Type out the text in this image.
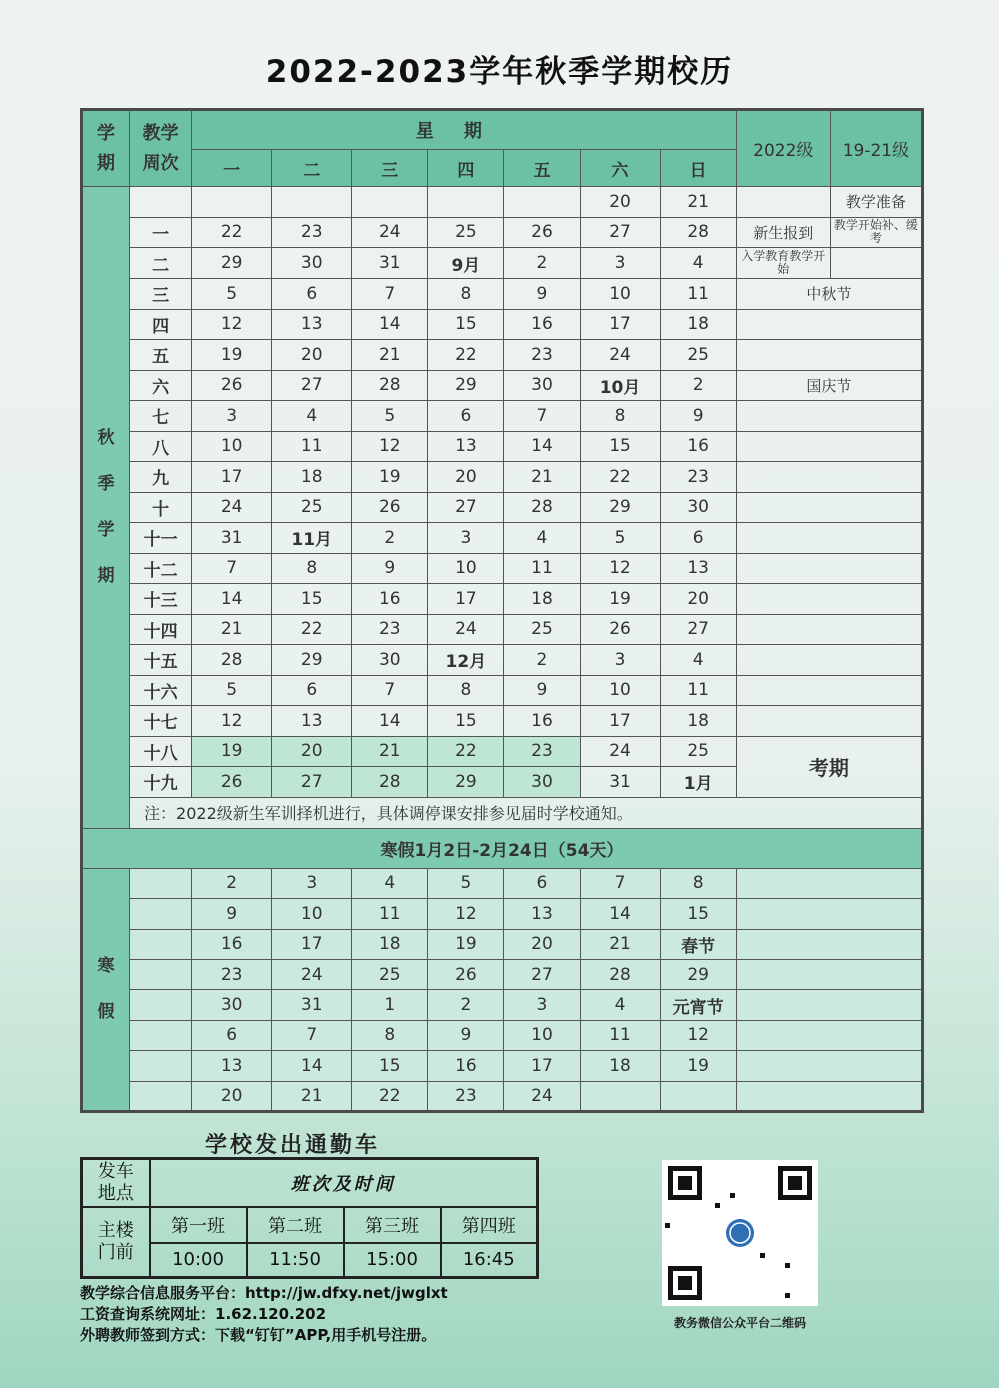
2022-2023学年秋季学期校历
学期	教学周次	星期							2022级	19-21级
		一	二	三	四	五	六	日		
秋季学期							20	21		教学准备
	一	22	23	24	25	26	27	28	新生报到	教学开始补、缓考
	二	29	30	31	9月	2	3	4	入学教育教学开始	
	三	5	6	7	8	9	10	11	中秋节	
	四	12	13	14	15	16	17	18		
	五	19	20	21	22	23	24	25		
	六	26	27	28	29	30	10月	2	国庆节	
	七	3	4	5	6	7	8	9		
	八	10	11	12	13	14	15	16		
	九	17	18	19	20	21	22	23		
	十	24	25	26	27	28	29	30		
	十一	31	11月	2	3	4	5	6		
	十二	7	8	9	10	11	12	13		
	十三	14	15	16	17	18	19	20		
	十四	21	22	23	24	25	26	27		
	十五	28	29	30	12月	2	3	4		
	十六	5	6	7	8	9	10	11		
	十七	12	13	14	15	16	17	18		
	十八	19	20	21	22	23	24	25	考期	
	十九	26	27	28	29	30	31	1月		
	注：2022级新生军训择机进行，具体调停课安排参见届时学校通知。									
寒假1月2日-2月24日（54天）										
寒假		2	3	4	5	6	7	8		
		9	10	11	12	13	14	15		
		16	17	18	19	20	21	春节		
		23	24	25	26	27	28	29		
		30	31	1	2	3	4	元宵节		
		6	7	8	9	10	11	12		
		13	14	15	16	17	18	19		
		20	21	22	23	24				
学校发出通勤车
发车地点	班次及时间			
主楼门前	第一班	第二班	第三班	第四班
	10:00	11:50	15:00	16:45
教学综合信息服务平台：http://jw.dfxy.net/jwglxt
工资查询系统网址：1.62.120.202
外聘教师签到方式：下载“钉钉”APP,用手机号注册。
教务微信公众平台二维码
